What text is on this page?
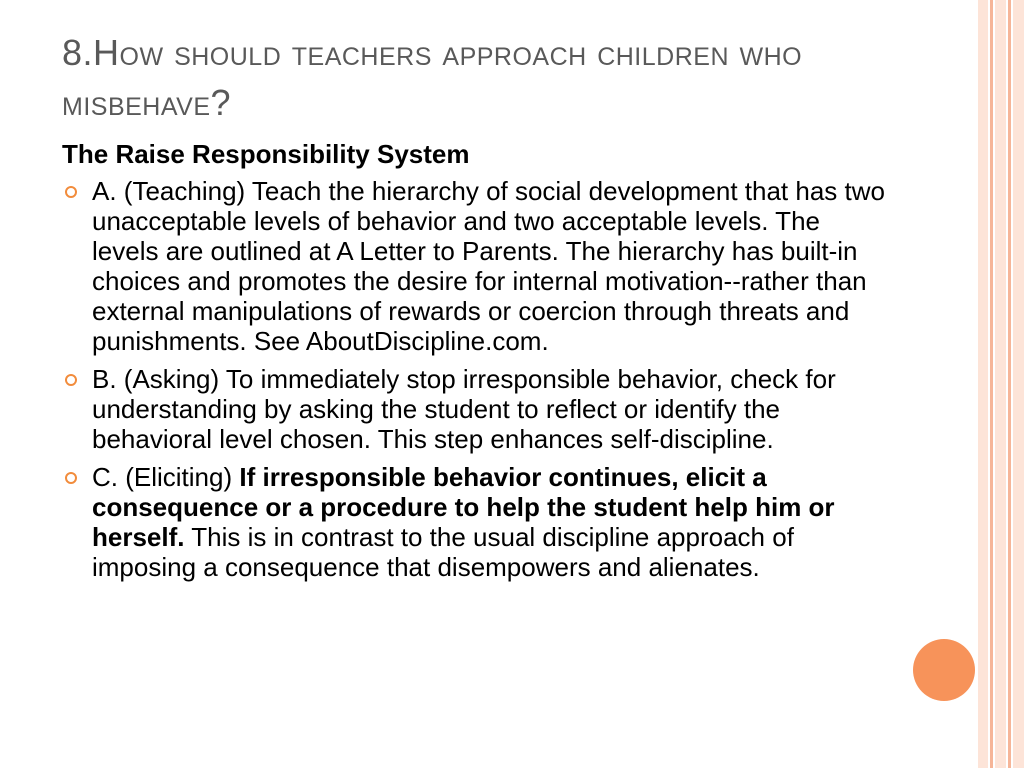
8.How should teachers approach children who misbehave?
The Raise Responsibility System
A. (Teaching) Teach the hierarchy of social development that has two unacceptable levels of behavior and two acceptable levels. The levels are outlined at A Letter to Parents. The hierarchy has built-in choices and promotes the desire for internal motivation--rather than external manipulations of rewards or coercion through threats and punishments. See AboutDiscipline.com.
B. (Asking) To immediately stop irresponsible behavior, check for understanding by asking the student to reflect or identify the behavioral level chosen. This step enhances self-discipline.
C. (Eliciting) If irresponsible behavior continues, elicit a consequence or a procedure to help the student help him or herself. This is in contrast to the usual discipline approach of imposing a consequence that disempowers and alienates.
